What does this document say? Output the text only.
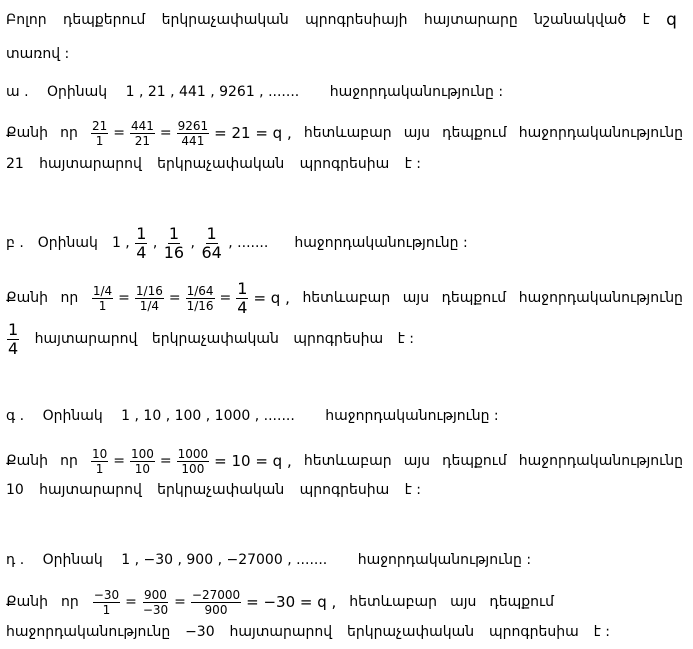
Բոլոր դեպքերում երկրաչափական պրոգրեսիայի հայտարարը նշանակված է q
տառով :
ա . Օրինակ 1 , 21 , 441 , 9261 , ....... հաջորդականությունը :
Քանի որ $\frac{21}{1} = \frac{441}{21} = \frac{9261}{441} = 21 = q$ , հետևաբար այս դեպքում հաջորդականությունը
21 հայտարարով երկրաչափական պրոգրեսիա է :
բ . Օրինակ 1 ,
$\frac{1}{4}$ , $\frac{1}{16}$ , $\frac{1}{64}$
, ....... հաջորդականությունը :
Քանի որ $\frac{1/4}{1} = \frac{1/16}{1/4} = \frac{1/64}{1/16} = \frac{1}{4} = q$ , հետևաբար այս դեպքում հաջորդականությունը
$\frac{1}{4}$ հայտարարով երկրաչափական պրոգրեսիա է :
գ . Օրինակ 1 , 10 , 100 , 1000 , ....... հաջորդականությունը :
Քանի որ $\frac{10}{1} = \frac{100}{10} = \frac{1000}{100} = 10 = q$ , հետևաբար այս դեպքում հաջորդականությունը
10 հայտարարով երկրաչափական պրոգրեսիա է :
դ . Օրինակ 1 , −30 , 900 , −27000 , ....... հաջորդականությունը :
Քանի որ $\frac{-30}{1} = \frac{900}{-30} = \frac{-27000}{900} = -30 = q$ , հետևաբար այս դեպքում
հաջորդականությունը −30 հայտարարով երկրաչափական պրոգրեսիա է :
